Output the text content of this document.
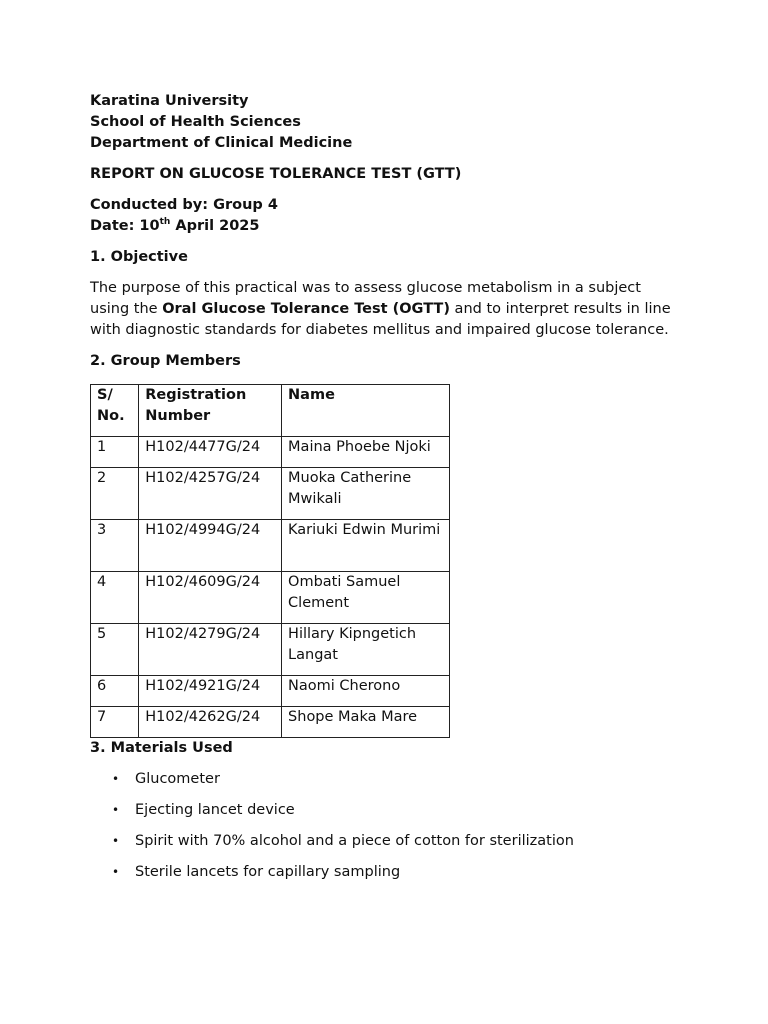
Karatina University
School of Health Sciences
Department of Clinical Medicine
REPORT ON GLUCOSE TOLERANCE TEST (GTT)
Conducted by: Group 4
Date: 10th April 2025
1. Objective

The purpose of this practical was to assess glucose metabolism in a subject using the Oral Glucose Tolerance Test (OGTT) and to interpret results in line with diagnostic standards for diabetes mellitus and impaired glucose tolerance.

2. Group Members
S/ No.	Registration Number	Name
1	H102/4477G/24	Maina Phoebe Njoki
2	H102/4257G/24	Muoka Catherine Mwikali
3	H102/4994G/24	Kariuki Edwin Murimi
4	H102/4609G/24	Ombati Samuel Clement
5	H102/4279G/24	Hillary Kipngetich Langat
6	H102/4921G/24	Naomi Cherono
7	H102/4262G/24	Shope Maka Mare
3. Materials Used
• Glucometer
• Ejecting lancet device
• Spirit with 70% alcohol and a piece of cotton for sterilization
• Sterile lancets for capillary sampling
